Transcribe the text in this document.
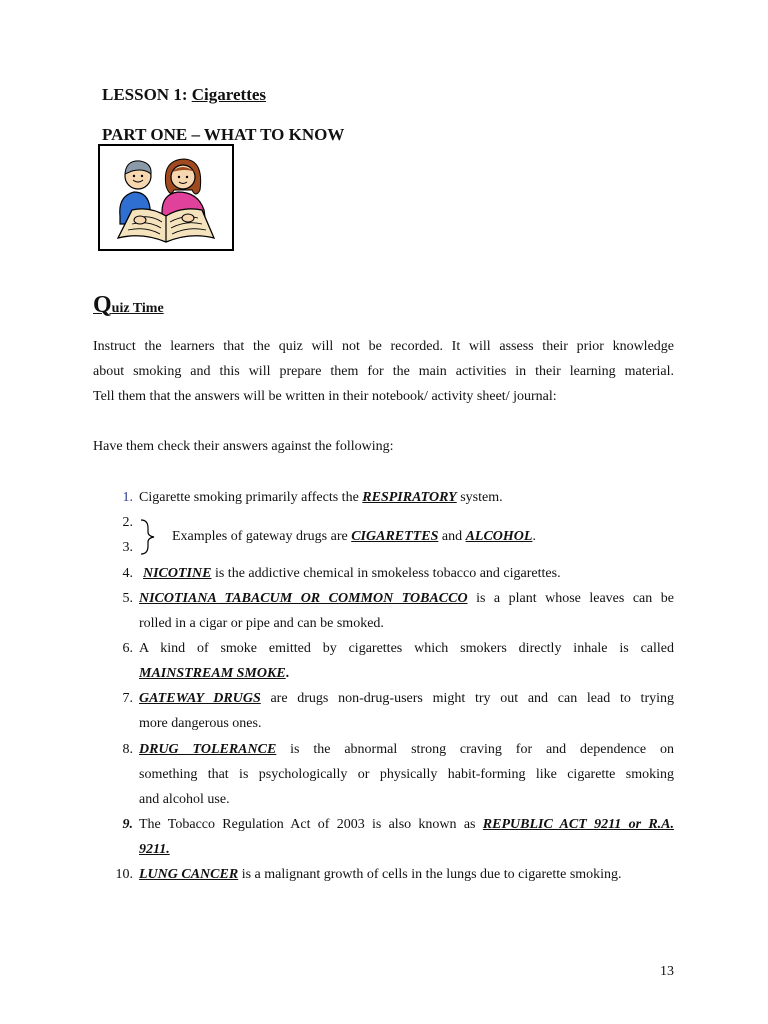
LESSON 1: Cigarettes
PART ONE – WHAT TO KNOW
Quiz Time
Instruct the learners that the quiz will not be recorded. It will assess their prior knowledge
about smoking and this will prepare them for the main activities in their learning material.
Tell them that the answers will be written in their notebook/ activity sheet/ journal:
Have them check their answers against the following:
1. Cigarette smoking primarily affects the RESPIRATORY system.
2.
3.
Examples of gateway drugs are CIGARETTES and ALCOHOL.
4. NICOTINE is the addictive chemical in smokeless tobacco and cigarettes.
5. NICOTIANA TABACUM OR COMMON TOBACCO is a plant whose leaves can be
rolled in a cigar or pipe and can be smoked.
6. A kind of smoke emitted by cigarettes which smokers directly inhale is called
MAINSTREAM SMOKE.
7. GATEWAY DRUGS are drugs non-drug-users might try out and can lead to trying
more dangerous ones.
8. DRUG TOLERANCE is the abnormal strong craving for and dependence on
something that is psychologically or physically habit-forming like cigarette smoking
and alcohol use.
9. The Tobacco Regulation Act of 2003 is also known as REPUBLIC ACT 9211 or R.A.
9211.
10. LUNG CANCER is a malignant growth of cells in the lungs due to cigarette smoking.
13
